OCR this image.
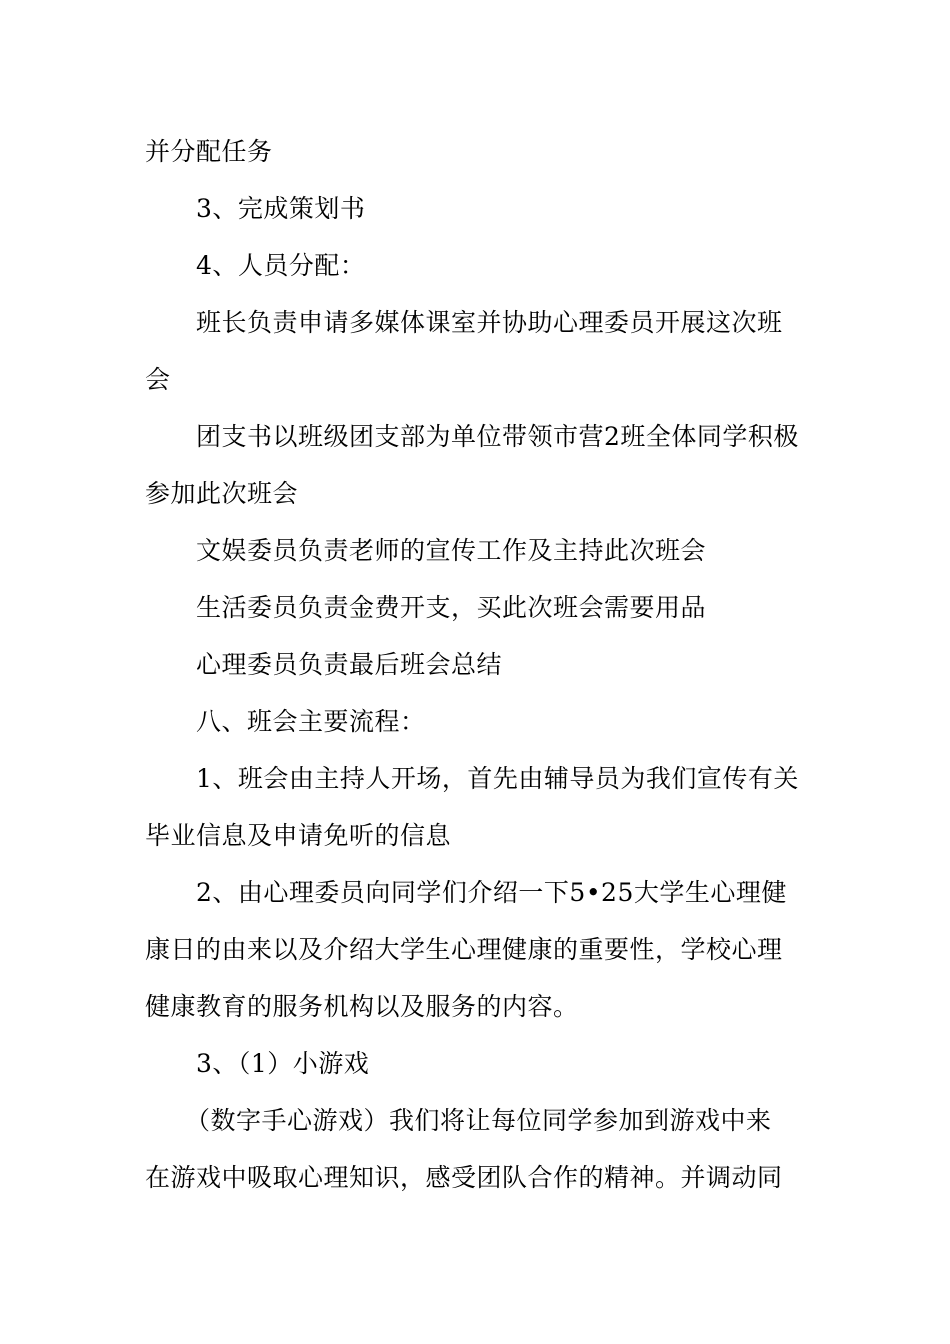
并分配任务
3、完成策划书
4、人员分配：
班长负责申请多媒体课室并协助心理委员开展这次班
会
团支书以班级团支部为单位带领市营2班全体同学积极
参加此次班会
文娱委员负责老师的宣传工作及主持此次班会
生活委员负责金费开支，买此次班会需要用品
心理委员负责最后班会总结
八、班会主要流程：
1、班会由主持人开场，首先由辅导员为我们宣传有关
毕业信息及申请免听的信息
2、由心理委员向同学们介绍一下5•25大学生心理健
康日的由来以及介绍大学生心理健康的重要性，学校心理
健康教育的服务机构以及服务的内容。
3、（1）小游戏
（数字手心游戏）我们将让每位同学参加到游戏中来
在游戏中吸取心理知识，感受团队合作的精神。并调动同
